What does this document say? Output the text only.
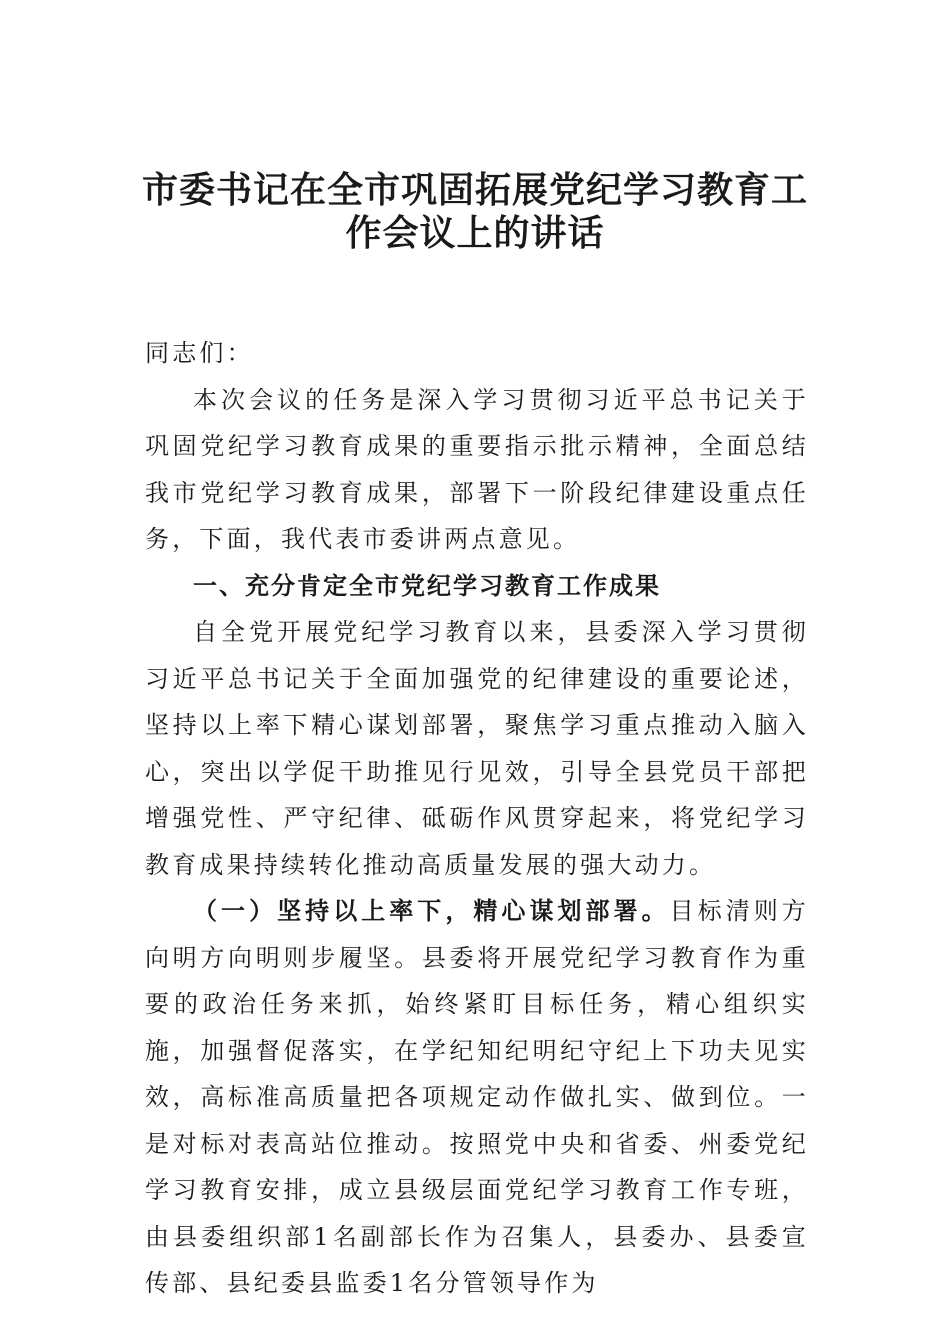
市委书记在全市巩固拓展党纪学习教育工
作会议上的讲话

同志们：

本次会议的任务是深入学习贯彻习近平总书记关于巩固党纪学习教育成果的重要指示批示精神，全面总结我市党纪学习教育成果，部署下一阶段纪律建设重点任务，下面，我代表市委讲两点意见。

一、充分肯定全市党纪学习教育工作成果

自全党开展党纪学习教育以来，县委深入学习贯彻习近平总书记关于全面加强党的纪律建设的重要论述，坚持以上率下精心谋划部署，聚焦学习重点推动入脑入心，突出以学促干助推见行见效，引导全县党员干部把增强党性、严守纪律、砥砺作风贯穿起来，将党纪学习教育成果持续转化推动高质量发展的强大动力。

（一）坚持以上率下，精心谋划部署。目标清则方向明方向明则步履坚。县委将开展党纪学习教育作为重要的政治任务来抓，始终紧盯目标任务，精心组织实施，加强督促落实，在学纪知纪明纪守纪上下功夫见实效，高标准高质量把各项规定动作做扎实、做到位。一是对标对表高站位推动。按照党中央和省委、州委党纪学习教育安排，成立县级层面党纪学习教育工作专班，由县委组织部1名副部长作为召集人，县委办、县委宣传部、县纪委县监委1名分管领导作为
